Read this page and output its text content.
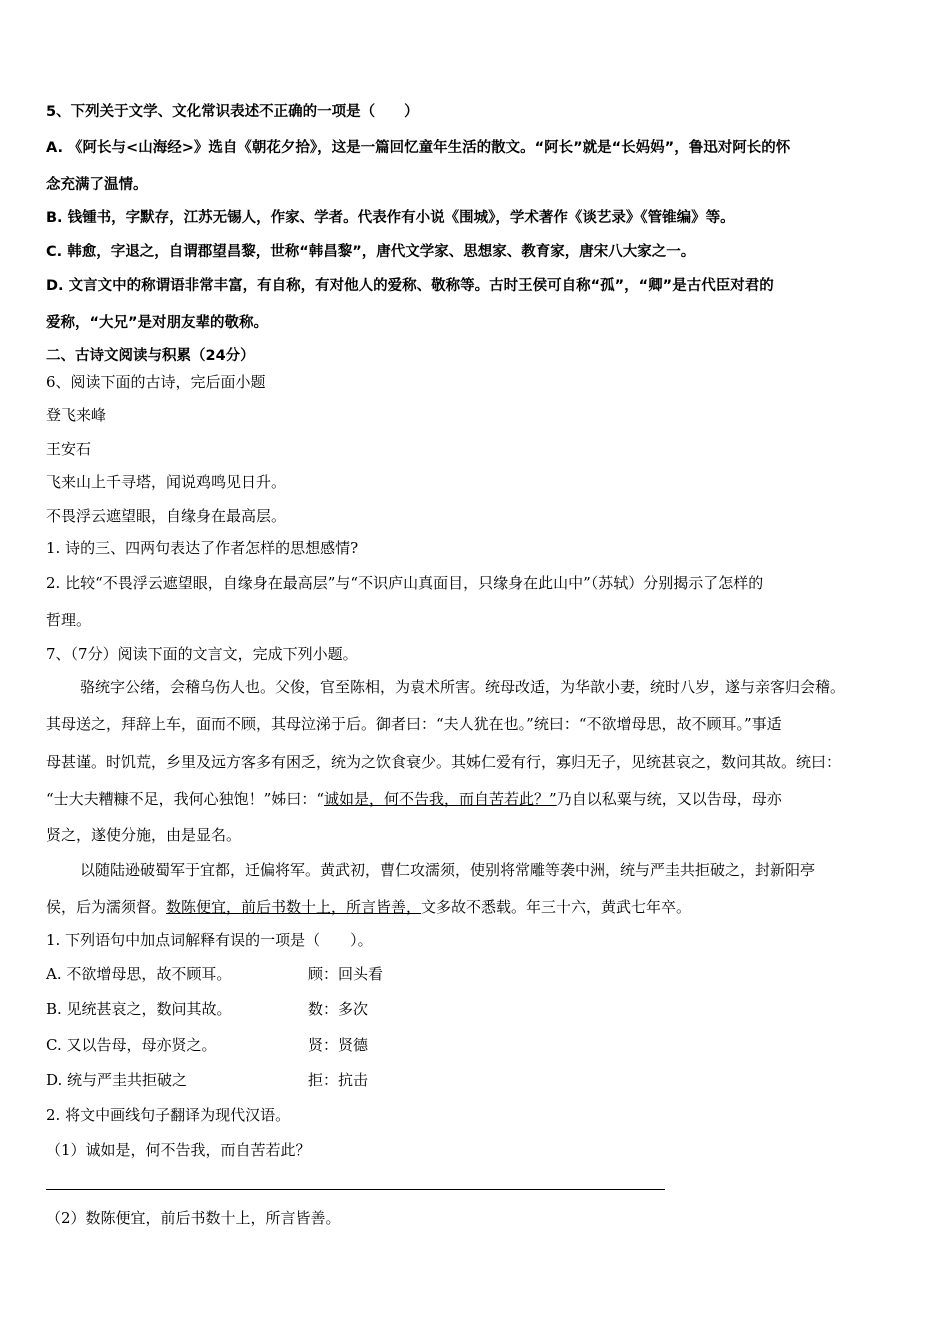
5、下列关于文学、文化常识表述不正确的一项是（　　）
A. 《阿长与<山海经>》选自《朝花夕拾》，这是一篇回忆童年生活的散文。“阿长”就是“长妈妈”，鲁迅对阿长的怀
念充满了温情。
B. 钱锺书，字默存，江苏无锡人，作家、学者。代表作有小说《围城》，学术著作《谈艺录》《管锥编》等。
C. 韩愈，字退之，自谓郡望昌黎，世称“韩昌黎”，唐代文学家、思想家、教育家，唐宋八大家之一。
D. 文言文中的称谓语非常丰富，有自称，有对他人的爱称、敬称等。古时王侯可自称“孤”，“卿”是古代臣对君的
爱称，“大兄”是对朋友辈的敬称。
二、古诗文阅读与积累（24分）
6、阅读下面的古诗，完后面小题
登飞来峰
王安石
飞来山上千寻塔，闻说鸡鸣见日升。
不畏浮云遮望眼，自缘身在最高层。
1. 诗的三、四两句表达了作者怎样的思想感情?
2. 比较“不畏浮云遮望眼，自缘身在最高层”与“不识庐山真面目，只缘身在此山中”（苏轼）分别揭示了怎样的
哲理。
7、（7分）阅读下面的文言文，完成下列小题。
骆统字公绪，会稽乌伤人也。父俊，官至陈相，为袁术所害。统母改适，为华歆小妻，统时八岁，遂与亲客归会稽。
其母送之，拜辞上车，面而不顾，其母泣涕于后。御者曰：“夫人犹在也。”统曰：“不欲增母思，故不顾耳。”事适
母甚谨。时饥荒，乡里及远方客多有困乏，统为之饮食衰少。其姊仁爱有行，寡归无子，见统甚哀之，数问其故。统曰：
“士大夫糟糠不足，我何心独饱！”姊曰：“诚如是，何不告我，而自苦若此？”乃自以私粟与统，又以告母，母亦
贤之，遂使分施，由是显名。
以随陆逊破蜀军于宜都，迁偏将军。黄武初，曹仁攻濡须，使别将常雕等袭中洲，统与严圭共拒破之，封新阳亭
侯，后为濡须督。数陈便宜，前后书数十上，所言皆善，文多故不悉载。年三十六，黄武七年卒。
1. 下列语句中加点词解释有误的一项是（　　）。
A. 不欲增母思，故不顾耳。	顾：回头看
B. 见统甚哀之，数问其故。	数：多次
C. 又以告母，母亦贤之。	贤：贤德
D. 统与严圭共拒破之	拒：抗击
2. 将文中画线句子翻译为现代汉语。
（1）诚如是，何不告我，而自苦若此？
（2）数陈便宜，前后书数十上，所言皆善。
